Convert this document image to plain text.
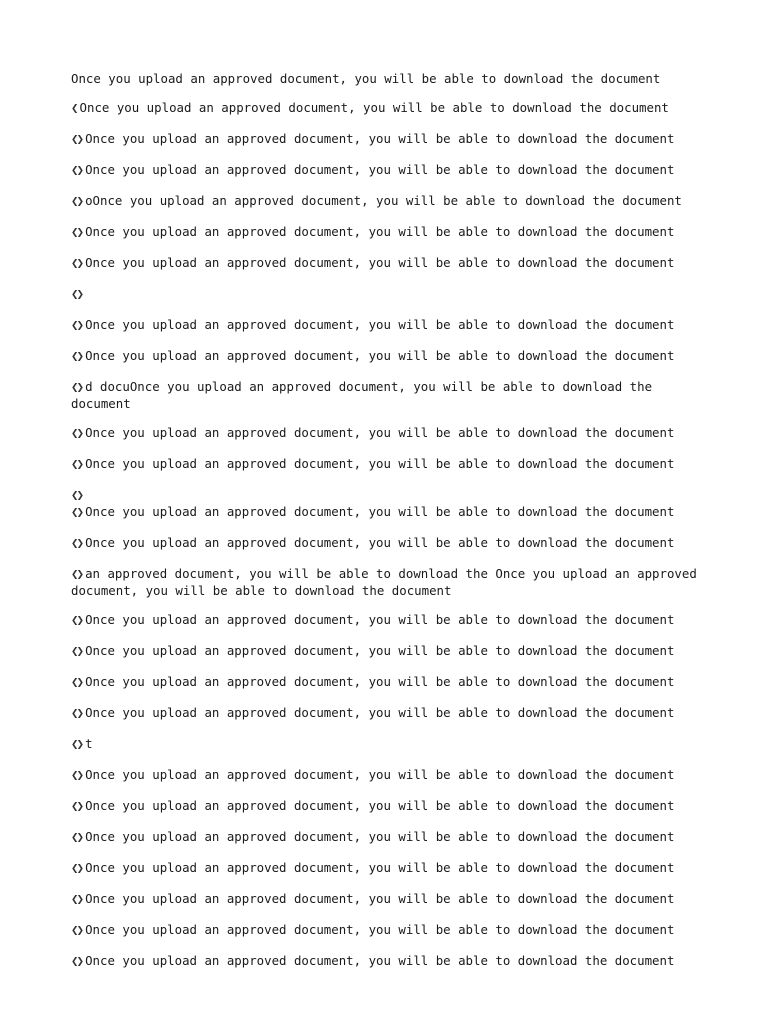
Once you upload an approved document, you will be able to download the document

❮ Once you upload an approved document, you will be able to download the document

❮❯ Once you upload an approved document, you will be able to download the document

❮❯ Once you upload an approved document, you will be able to download the document

❮❯ oOnce you upload an approved document, you will be able to download the document

❮❯ Once you upload an approved document, you will be able to download the document

❮❯ Once you upload an approved document, you will be able to download the document

❮❯

❮❯ Once you upload an approved document, you will be able to download the document

❮❯ Once you upload an approved document, you will be able to download the document

❮❯ d docuOnce you upload an approved document, you will be able to download the document

❮❯ Once you upload an approved document, you will be able to download the document

❮❯ Once you upload an approved document, you will be able to download the document

❮❯

❮❯ Once you upload an approved document, you will be able to download the document

❮❯ Once you upload an approved document, you will be able to download the document

❮❯ an approved document, you will be able to download the Once you upload an approved document, you will be able to download the document

❮❯ Once you upload an approved document, you will be able to download the document

❮❯ Once you upload an approved document, you will be able to download the document

❮❯ Once you upload an approved document, you will be able to download the document

❮❯ Once you upload an approved document, you will be able to download the document

❮❯ t

❮❯ Once you upload an approved document, you will be able to download the document

❮❯ Once you upload an approved document, you will be able to download the document

❮❯ Once you upload an approved document, you will be able to download the document

❮❯ Once you upload an approved document, you will be able to download the document

❮❯ Once you upload an approved document, you will be able to download the document

❮❯ Once you upload an approved document, you will be able to download the document

❮❯ Once you upload an approved document, you will be able to download the document
